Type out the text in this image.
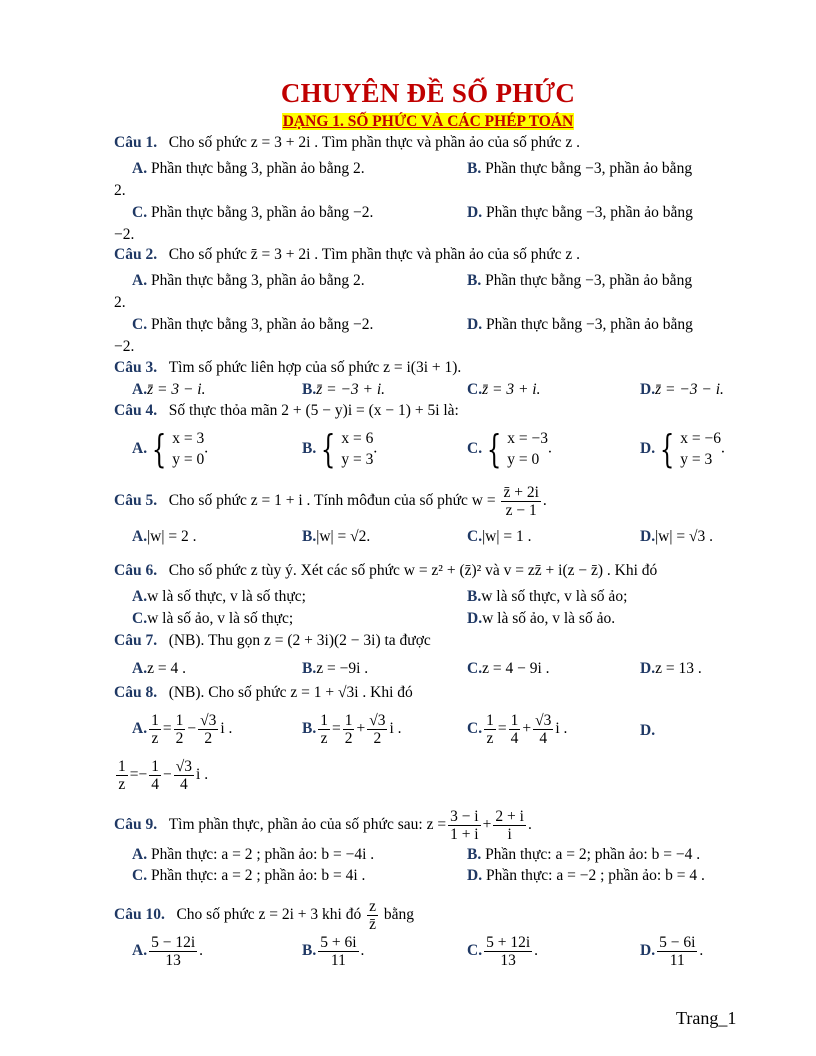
CHUYÊN ĐỀ SỐ PHỨC
DẠNG 1. SỐ PHỨC VÀ CÁC PHÉP TOÁN
Câu 1. Cho số phức z = 3 + 2i . Tìm phần thực và phần ảo của số phức z .
A. Phần thực bằng 3, phần ảo bằng 2.	B. Phần thực bằng −3, phần ảo bằng
2.
C. Phần thực bằng 3, phần ảo bằng −2.	D. Phần thực bằng −3, phần ảo bằng
−2.
Câu 2. Cho số phức z̄ = 3 + 2i . Tìm phần thực và phần ảo của số phức z .
A. Phần thực bằng 3, phần ảo bằng 2.	B. Phần thực bằng −3, phần ảo bằng
2.
C. Phần thực bằng 3, phần ảo bằng −2.	D. Phần thực bằng −3, phần ảo bằng
−2.
Câu 3. Tìm số phức liên hợp của số phức z = i(3i + 1).
A.z̄ = 3 − i.	B.z̄ = −3 + i.	C.z̄ = 3 + i.	D.z̄ = −3 − i.
Câu 4. Số thực thỏa mãn 2 + (5 − y)i = (x − 1) + 5i là:
A. { x = 3
y = 0
.	B. { x = 6
y = 3
.	C. { x = −3
y = 0
.	D. { x = −6
y = 3
.
Câu 5. Cho số phức z = 1 + i . Tính môđun của số phức $w = \frac{z̄ + 2i}{z - 1}$ .
A.|w| = 2 .	B.|w| = √2.	C.|w| = 1 .	D.|w| = √3 .
Câu 6. Cho số phức z tùy ý. Xét các số phức w = z² + (z̄)² và v = zz̄ + i(z − z̄) . Khi đó
A.w là số thực, v là số thực;	B.w là số thực, v là số ảo;
C.w là số ảo, v là số thực;	D.w là số ảo, v là số ảo.
Câu 7. (NB). Thu gọn z = (2 + 3i)(2 − 3i) ta được
A.z = 4 .	B.z = −9i .	C.z = 4 − 9i .	D.z = 13 .
Câu 8. (NB). Cho số phức z = 1 + √3i . Khi đó
A. $\frac{1}{z} = \frac{1}{2} - \frac{√3}{2}$ i .	B. $\frac{1}{z} = \frac{1}{2} + \frac{√3}{2}$ i .	C. $\frac{1}{z} = \frac{1}{4} + \frac{√3}{4}$ i .	D.
$\frac{1}{z} =- \frac{1}{4} - \frac{√3}{4}$ i .
Câu 9. Tìm phần thực, phần ảo của số phức sau: $z = \frac{3 - i}{1 + i} + \frac{2 + i}{i}$ .
A. Phần thực: a = 2 ; phần ảo: b = −4i .	B. Phần thực: a = 2; phần ảo: b = −4 .
C. Phần thực: a = 2 ; phần ảo: b = 4i .	D. Phần thực: a = −2 ; phần ảo: b = 4 .
Câu 10. Cho số phức z = 2i + 3 khi đó $\frac{z}{z̄}$ bằng
A. $\frac{5 - 12i}{13}$ .	B. $\frac{5 + 6i}{11}$ .	C. $\frac{5 + 12i}{13}$ .	D. $\frac{5 - 6i}{11}$ .
Trang_1
